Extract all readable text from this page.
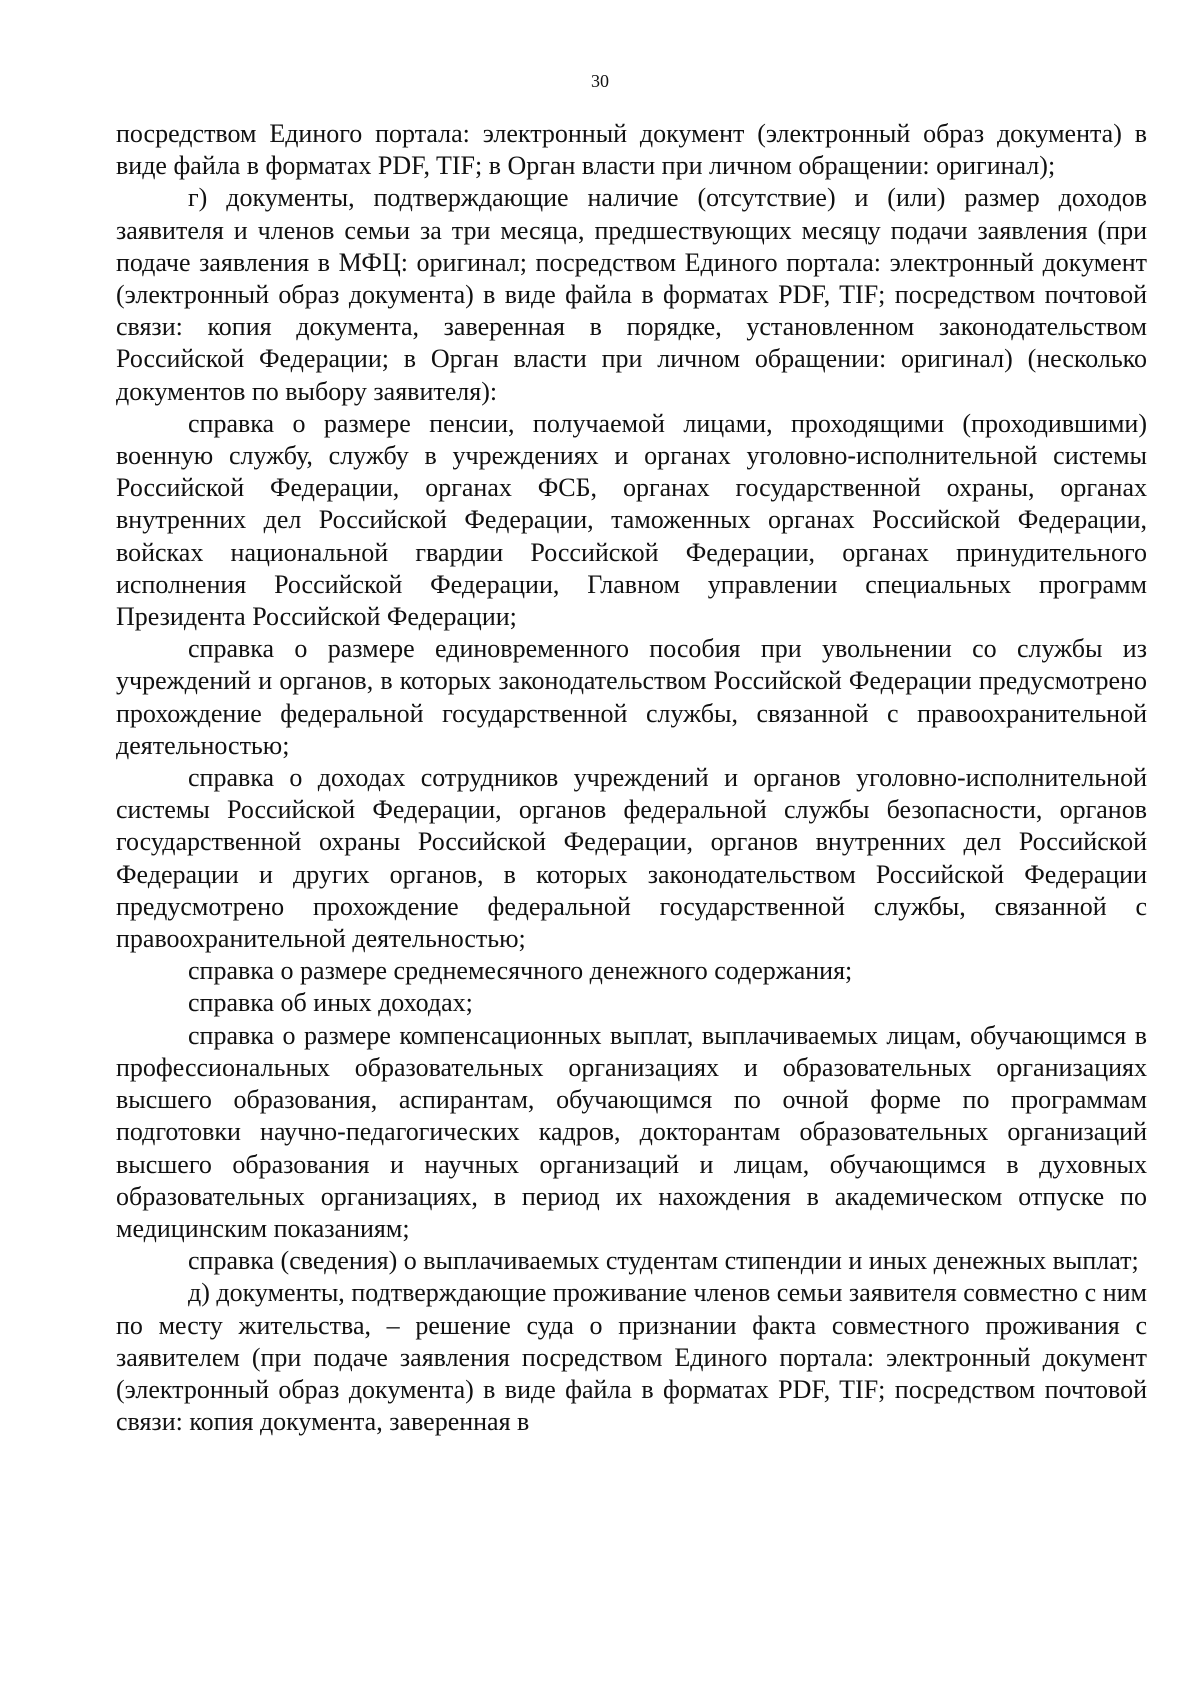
30

посредством Единого портала: электронный документ (электронный образ документа) в виде файла в форматах PDF, TIF; в Орган власти при личном обращении: оригинал);

г) документы, подтверждающие наличие (отсутствие) и (или) размер доходов заявителя и членов семьи за три месяца, предшествующих месяцу подачи заявления (при подаче заявления в МФЦ: оригинал; посредством Единого портала: электронный документ (электронный образ документа) в виде файла в форматах PDF, TIF; посредством почтовой связи: копия документа, заверенная в порядке, установленном законодательством Российской Федерации; в Орган власти при личном обращении: оригинал) (несколько документов по выбору заявителя):

справка о размере пенсии, получаемой лицами, проходящими (проходившими) военную службу, службу в учреждениях и органах уголовно-исполнительной системы Российской Федерации, органах ФСБ, органах государственной охраны, органах внутренних дел Российской Федерации, таможенных органах Российской Федерации, войсках национальной гвардии Российской Федерации, органах принудительного исполнения Российской Федерации, Главном управлении специальных программ Президента Российской Федерации;

справка о размере единовременного пособия при увольнении со службы из учреждений и органов, в которых законодательством Российской Федерации предусмотрено прохождение федеральной государственной службы, связанной с правоохранительной деятельностью;

справка о доходах сотрудников учреждений и органов уголовно-исполнительной системы Российской Федерации, органов федеральной службы безопасности, органов государственной охраны Российской Федерации, органов внутренних дел Российской Федерации и других органов, в которых законодательством Российской Федерации предусмотрено прохождение федеральной государственной службы, связанной с правоохранительной деятельностью;

справка о размере среднемесячного денежного содержания;

справка об иных доходах;

справка о размере компенсационных выплат, выплачиваемых лицам, обучающимся в профессиональных образовательных организациях и образовательных организациях высшего образования, аспирантам, обучающимся по очной форме по программам подготовки научно-педагогических кадров, докторантам образовательных организаций высшего образования и научных организаций и лицам, обучающимся в духовных образовательных организациях, в период их нахождения в академическом отпуске по медицинским показаниям;

справка (сведения) о выплачиваемых студентам стипендии и иных денежных выплат;

д) документы, подтверждающие проживание членов семьи заявителя совместно с ним по месту жительства, – решение суда о признании факта совместного проживания с заявителем (при подаче заявления посредством Единого портала: электронный документ (электронный образ документа) в виде файла в форматах PDF, TIF; посредством почтовой связи: копия документа, заверенная в
